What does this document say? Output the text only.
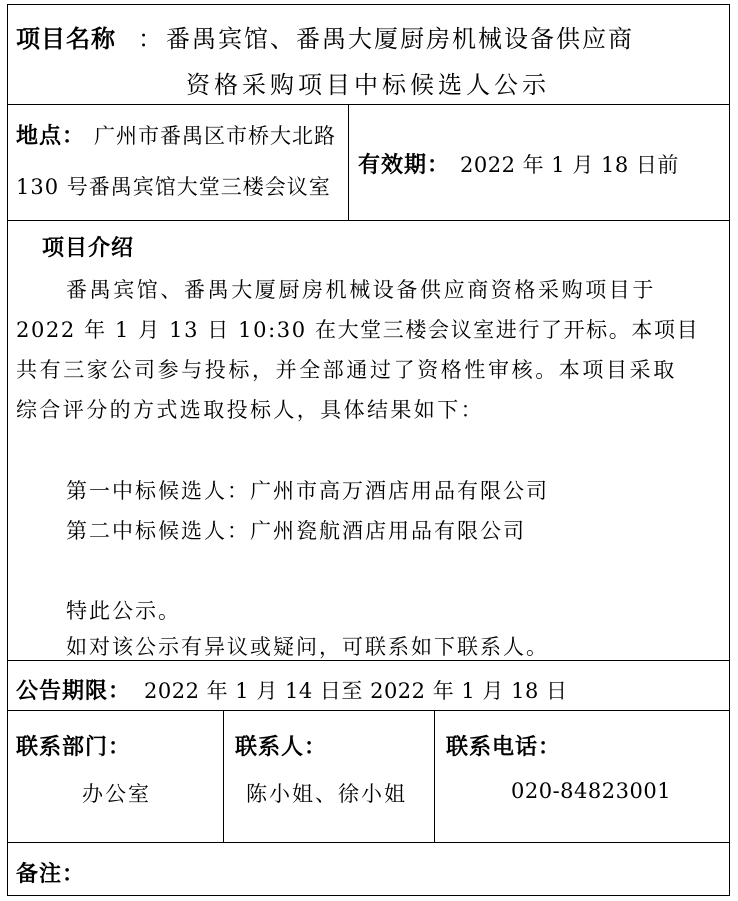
项目名称 ： 番禺宾馆、番禺大厦厨房机械设备供应商
资格采购项目中标候选人公示
地点： 广州市番禺区市桥大北路
130 号番禺宾馆大堂三楼会议室
有效期： 2022 年 1 月 18 日前
项目介绍
番禺宾馆、番禺大厦厨房机械设备供应商资格采购项目于
2022 年 1 月 13 日 10:30 在大堂三楼会议室进行了开标。本项目
共有三家公司参与投标，并全部通过了资格性审核。本项目采取
综合评分的方式选取投标人，具体结果如下：
第一中标候选人：广州市高万酒店用品有限公司
第二中标候选人：广州瓷航酒店用品有限公司
特此公示。
如对该公示有异议或疑问，可联系如下联系人。
公告期限： 2022 年 1 月 14 日至 2022 年 1 月 18 日
联系部门：
办公室
联系人：
陈小姐、徐小姐
联系电话：
020-84823001
备注：
